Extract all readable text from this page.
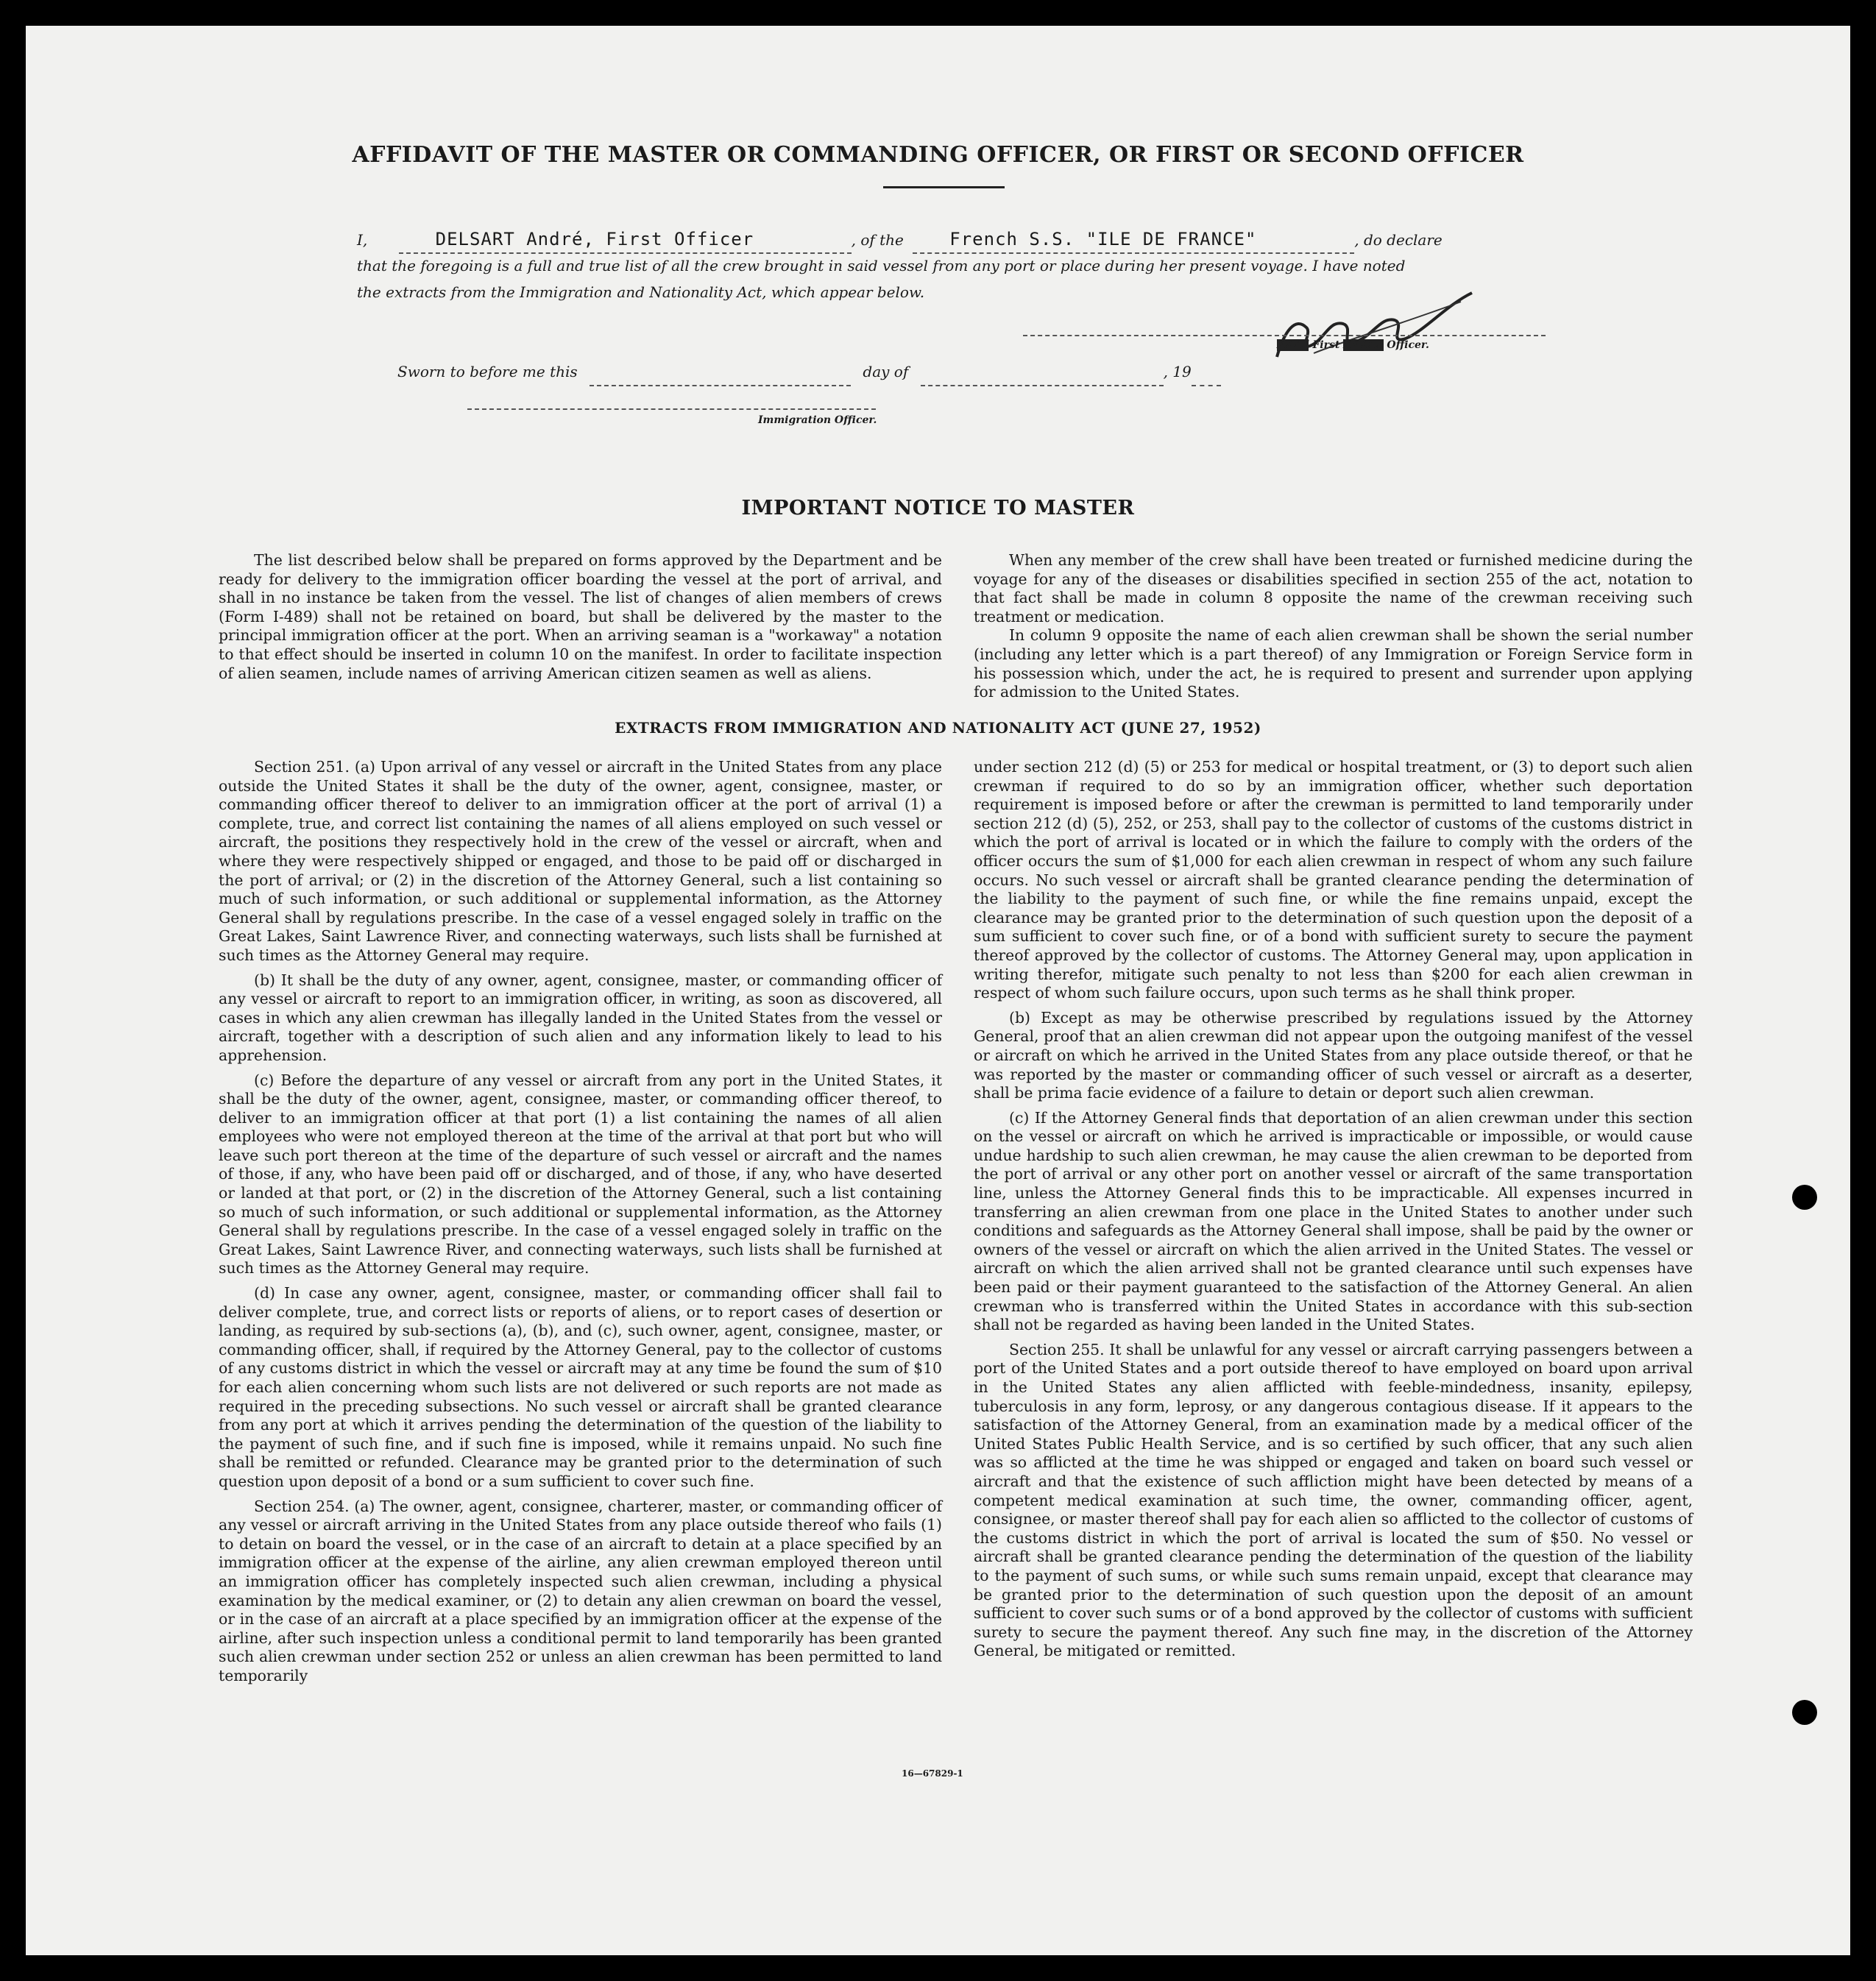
AFFIDAVIT OF THE MASTER OR COMMANDING OFFICER, OR FIRST OR SECOND OFFICER
I,	DELSART André, First Officer	, of the	French S.S. "ILE DE FRANCE"	, do declare
that the foregoing is a full and true list of all the crew brought in said vessel from any port or place during her present voyage. I have noted
the extracts from the Immigration and Nationality Act, which appear below.
XXXX First XXXXX Officer.
Sworn to before me this	day of	, 19
Immigration Officer.
IMPORTANT NOTICE TO MASTER

The list described below shall be prepared on forms approved by the Department and be ready for delivery to the immigration officer boarding the vessel at the port of arrival, and shall in no instance be taken from the vessel. The list of changes of alien members of crews (Form I-489) shall not be retained on board, but shall be delivered by the master to the principal immigration officer at the port. When an arriving seaman is a "workaway" a notation to that effect should be inserted in column 10 on the manifest. In order to facilitate inspection of alien seamen, include names of arriving American citizen seamen as well as aliens.

When any member of the crew shall have been treated or furnished medicine during the voyage for any of the diseases or disabilities specified in section 255 of the act, notation to that fact shall be made in column 8 opposite the name of the crewman receiving such treatment or medication.

In column 9 opposite the name of each alien crewman shall be shown the serial number (including any letter which is a part thereof) of any Immigration or Foreign Service form in his possession which, under the act, he is required to present and surrender upon applying for admission to the United States.

EXTRACTS FROM IMMIGRATION AND NATIONALITY ACT (JUNE 27, 1952)

Section 251. (a) Upon arrival of any vessel or aircraft in the United States from any place outside the United States it shall be the duty of the owner, agent, consignee, master, or commanding officer thereof to deliver to an immigration officer at the port of arrival (1) a complete, true, and correct list containing the names of all aliens employed on such vessel or aircraft, the positions they respectively hold in the crew of the vessel or aircraft, when and where they were respectively shipped or engaged, and those to be paid off or discharged in the port of arrival; or (2) in the discretion of the Attorney General, such a list containing so much of such information, or such additional or supplemental information, as the Attorney General shall by regulations prescribe. In the case of a vessel engaged solely in traffic on the Great Lakes, Saint Lawrence River, and connecting waterways, such lists shall be furnished at such times as the Attorney General may require.

(b) It shall be the duty of any owner, agent, consignee, master, or commanding officer of any vessel or aircraft to report to an immigration officer, in writing, as soon as discovered, all cases in which any alien crewman has illegally landed in the United States from the vessel or aircraft, together with a description of such alien and any information likely to lead to his apprehension.

(c) Before the departure of any vessel or aircraft from any port in the United States, it shall be the duty of the owner, agent, consignee, master, or commanding officer thereof, to deliver to an immigration officer at that port (1) a list containing the names of all alien employees who were not employed thereon at the time of the arrival at that port but who will leave such port thereon at the time of the departure of such vessel or aircraft and the names of those, if any, who have been paid off or discharged, and of those, if any, who have deserted or landed at that port, or (2) in the discretion of the Attorney General, such a list containing so much of such information, or such additional or supplemental information, as the Attorney General shall by regulations prescribe. In the case of a vessel engaged solely in traffic on the Great Lakes, Saint Lawrence River, and connecting waterways, such lists shall be furnished at such times as the Attorney General may require.

(d) In case any owner, agent, consignee, master, or commanding officer shall fail to deliver complete, true, and correct lists or reports of aliens, or to report cases of desertion or landing, as required by sub-sections (a), (b), and (c), such owner, agent, consignee, master, or commanding officer, shall, if required by the Attorney General, pay to the collector of customs of any customs district in which the vessel or aircraft may at any time be found the sum of $10 for each alien concerning whom such lists are not delivered or such reports are not made as required in the preceding subsections. No such vessel or aircraft shall be granted clearance from any port at which it arrives pending the determination of the question of the liability to the payment of such fine, and if such fine is imposed, while it remains unpaid. No such fine shall be remitted or refunded. Clearance may be granted prior to the determination of such question upon deposit of a bond or a sum sufficient to cover such fine.

Section 254. (a) The owner, agent, consignee, charterer, master, or commanding officer of any vessel or aircraft arriving in the United States from any place outside thereof who fails (1) to detain on board the vessel, or in the case of an aircraft to detain at a place specified by an immigration officer at the expense of the airline, any alien crewman employed thereon until an immigration officer has completely inspected such alien crewman, including a physical examination by the medical examiner, or (2) to detain any alien crewman on board the vessel, or in the case of an aircraft at a place specified by an immigration officer at the expense of the airline, after such inspection unless a conditional permit to land temporarily has been granted such alien crewman under section 252 or unless an alien crewman has been permitted to land temporarily

under section 212 (d) (5) or 253 for medical or hospital treatment, or (3) to deport such alien crewman if required to do so by an immigration officer, whether such deportation requirement is imposed before or after the crewman is permitted to land temporarily under section 212 (d) (5), 252, or 253, shall pay to the collector of customs of the customs district in which the port of arrival is located or in which the failure to comply with the orders of the officer occurs the sum of $1,000 for each alien crewman in respect of whom any such failure occurs. No such vessel or aircraft shall be granted clearance pending the determination of the liability to the payment of such fine, or while the fine remains unpaid, except the clearance may be granted prior to the determination of such question upon the deposit of a sum sufficient to cover such fine, or of a bond with sufficient surety to secure the payment thereof approved by the collector of customs. The Attorney General may, upon application in writing therefor, mitigate such penalty to not less than $200 for each alien crewman in respect of whom such failure occurs, upon such terms as he shall think proper.

(b) Except as may be otherwise prescribed by regulations issued by the Attorney General, proof that an alien crewman did not appear upon the outgoing manifest of the vessel or aircraft on which he arrived in the United States from any place outside thereof, or that he was reported by the master or commanding officer of such vessel or aircraft as a deserter, shall be prima facie evidence of a failure to detain or deport such alien crewman.

(c) If the Attorney General finds that deportation of an alien crewman under this section on the vessel or aircraft on which he arrived is impracticable or impossible, or would cause undue hardship to such alien crewman, he may cause the alien crewman to be deported from the port of arrival or any other port on another vessel or aircraft of the same transportation line, unless the Attorney General finds this to be impracticable. All expenses incurred in transferring an alien crewman from one place in the United States to another under such conditions and safeguards as the Attorney General shall impose, shall be paid by the owner or owners of the vessel or aircraft on which the alien arrived in the United States. The vessel or aircraft on which the alien arrived shall not be granted clearance until such expenses have been paid or their payment guaranteed to the satisfaction of the Attorney General. An alien crewman who is transferred within the United States in accordance with this sub-section shall not be regarded as having been landed in the United States.

Section 255. It shall be unlawful for any vessel or aircraft carrying passengers between a port of the United States and a port outside thereof to have employed on board upon arrival in the United States any alien afflicted with feeble-mindedness, insanity, epilepsy, tuberculosis in any form, leprosy, or any dangerous contagious disease. If it appears to the satisfaction of the Attorney General, from an examination made by a medical officer of the United States Public Health Service, and is so certified by such officer, that any such alien was so afflicted at the time he was shipped or engaged and taken on board such vessel or aircraft and that the existence of such affliction might have been detected by means of a competent medical examination at such time, the owner, commanding officer, agent, consignee, or master thereof shall pay for each alien so afflicted to the collector of customs of the customs district in which the port of arrival is located the sum of $50. No vessel or aircraft shall be granted clearance pending the determination of the question of the liability to the payment of such sums, or while such sums remain unpaid, except that clearance may be granted prior to the determination of such question upon the deposit of an amount sufficient to cover such sums or of a bond approved by the collector of customs with sufficient surety to secure the payment thereof. Any such fine may, in the discretion of the Attorney General, be mitigated or remitted.

16—67829-1
